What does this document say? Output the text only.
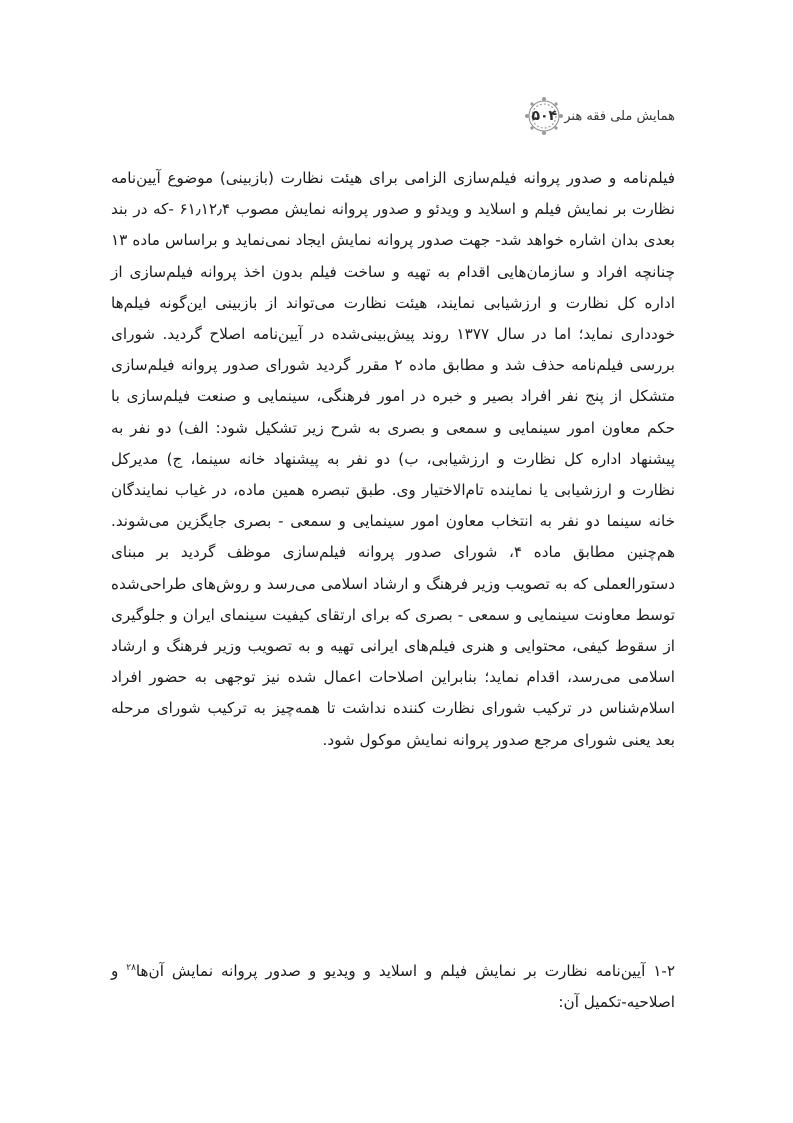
۵۰۴ همایش ملی فقه هنر
فیلم‌نامه و صدور پروانه فیلم‌سازی الزامی برای هیئت نظارت (بازبینی) موضوع آیین‌نامه نظارت بر نمایش فیلم و اسلاید و ویدئو و صدور پروانه نمایش مصوب ۶۱٫۱۲٫۴ -که در بند بعدی بدان اشاره خواهد شد- جهت صدور پروانه نمایش ایجاد نمی‌نماید و براساس ماده ۱۳ چنانچه افراد و سازمان‌هایی اقدام به تهیه و ساخت فیلم بدون اخذ پروانه فیلم‌سازی از اداره کل نظارت و ارزشیابی نمایند، هیئت نظارت می‌تواند از بازبینی این‌گونه فیلم‌ها خودداری نماید؛ اما در سال ۱۳۷۷ روند پیش‌بینی‌شده در آیین‌نامه اصلاح گردید. شورای بررسی فیلم‌نامه حذف شد و مطابق ماده ۲ مقرر گردید شورای صدور پروانه فیلم‌سازی متشکل از پنج نفر افراد بصیر و خبره در امور فرهنگی، سینمایی و صنعت فیلم‌سازی با حکم معاون امور سینمایی و سمعی و بصری به شرح زیر تشکیل شود: الف) دو نفر به پیشنهاد اداره کل نظارت و ارزشیابی، ب) دو نفر به پیشنهاد خانه سینما، ج) مدیرکل نظارت و ارزشیابی یا نماینده تام‌الاختیار وی. طبق تبصره همین ماده، در غیاب نمایندگان خانه سینما دو نفر به انتخاب معاون امور سینمایی و سمعی - بصری جایگزین می‌شوند. هم‌چنین مطابق ماده ۴، شورای صدور پروانه فیلم‌سازی موظف گردید بر مبنای دستورالعملی که به تصویب وزیر فرهنگ و ارشاد اسلامی می‌رسد و روش‌های طراحی‌شده توسط معاونت سینمایی و سمعی - بصری که برای ارتقای کیفیت سینمای ایران و جلوگیری از سقوط کیفی، محتوایی و هنری فیلم‌های ایرانی تهیه و به تصویب وزیر فرهنگ و ارشاد اسلامی می‌رسد، اقدام نماید؛ بنابراین اصلاحات اعمال شده نیز توجهی به حضور افراد اسلام‌شناس در ترکیب شورای نظارت کننده نداشت تا همه‌چیز به ترکیب شورای مرحله بعد یعنی شورای مرجع صدور پروانه نمایش موکول شود.
۱-۲ آیین‌نامه نظارت بر نمایش فیلم و اسلاید و ویدیو و صدور پروانه نمایش آن‌ها$^{۲۸}$ و اصلاحیه-تکمیل آن:
